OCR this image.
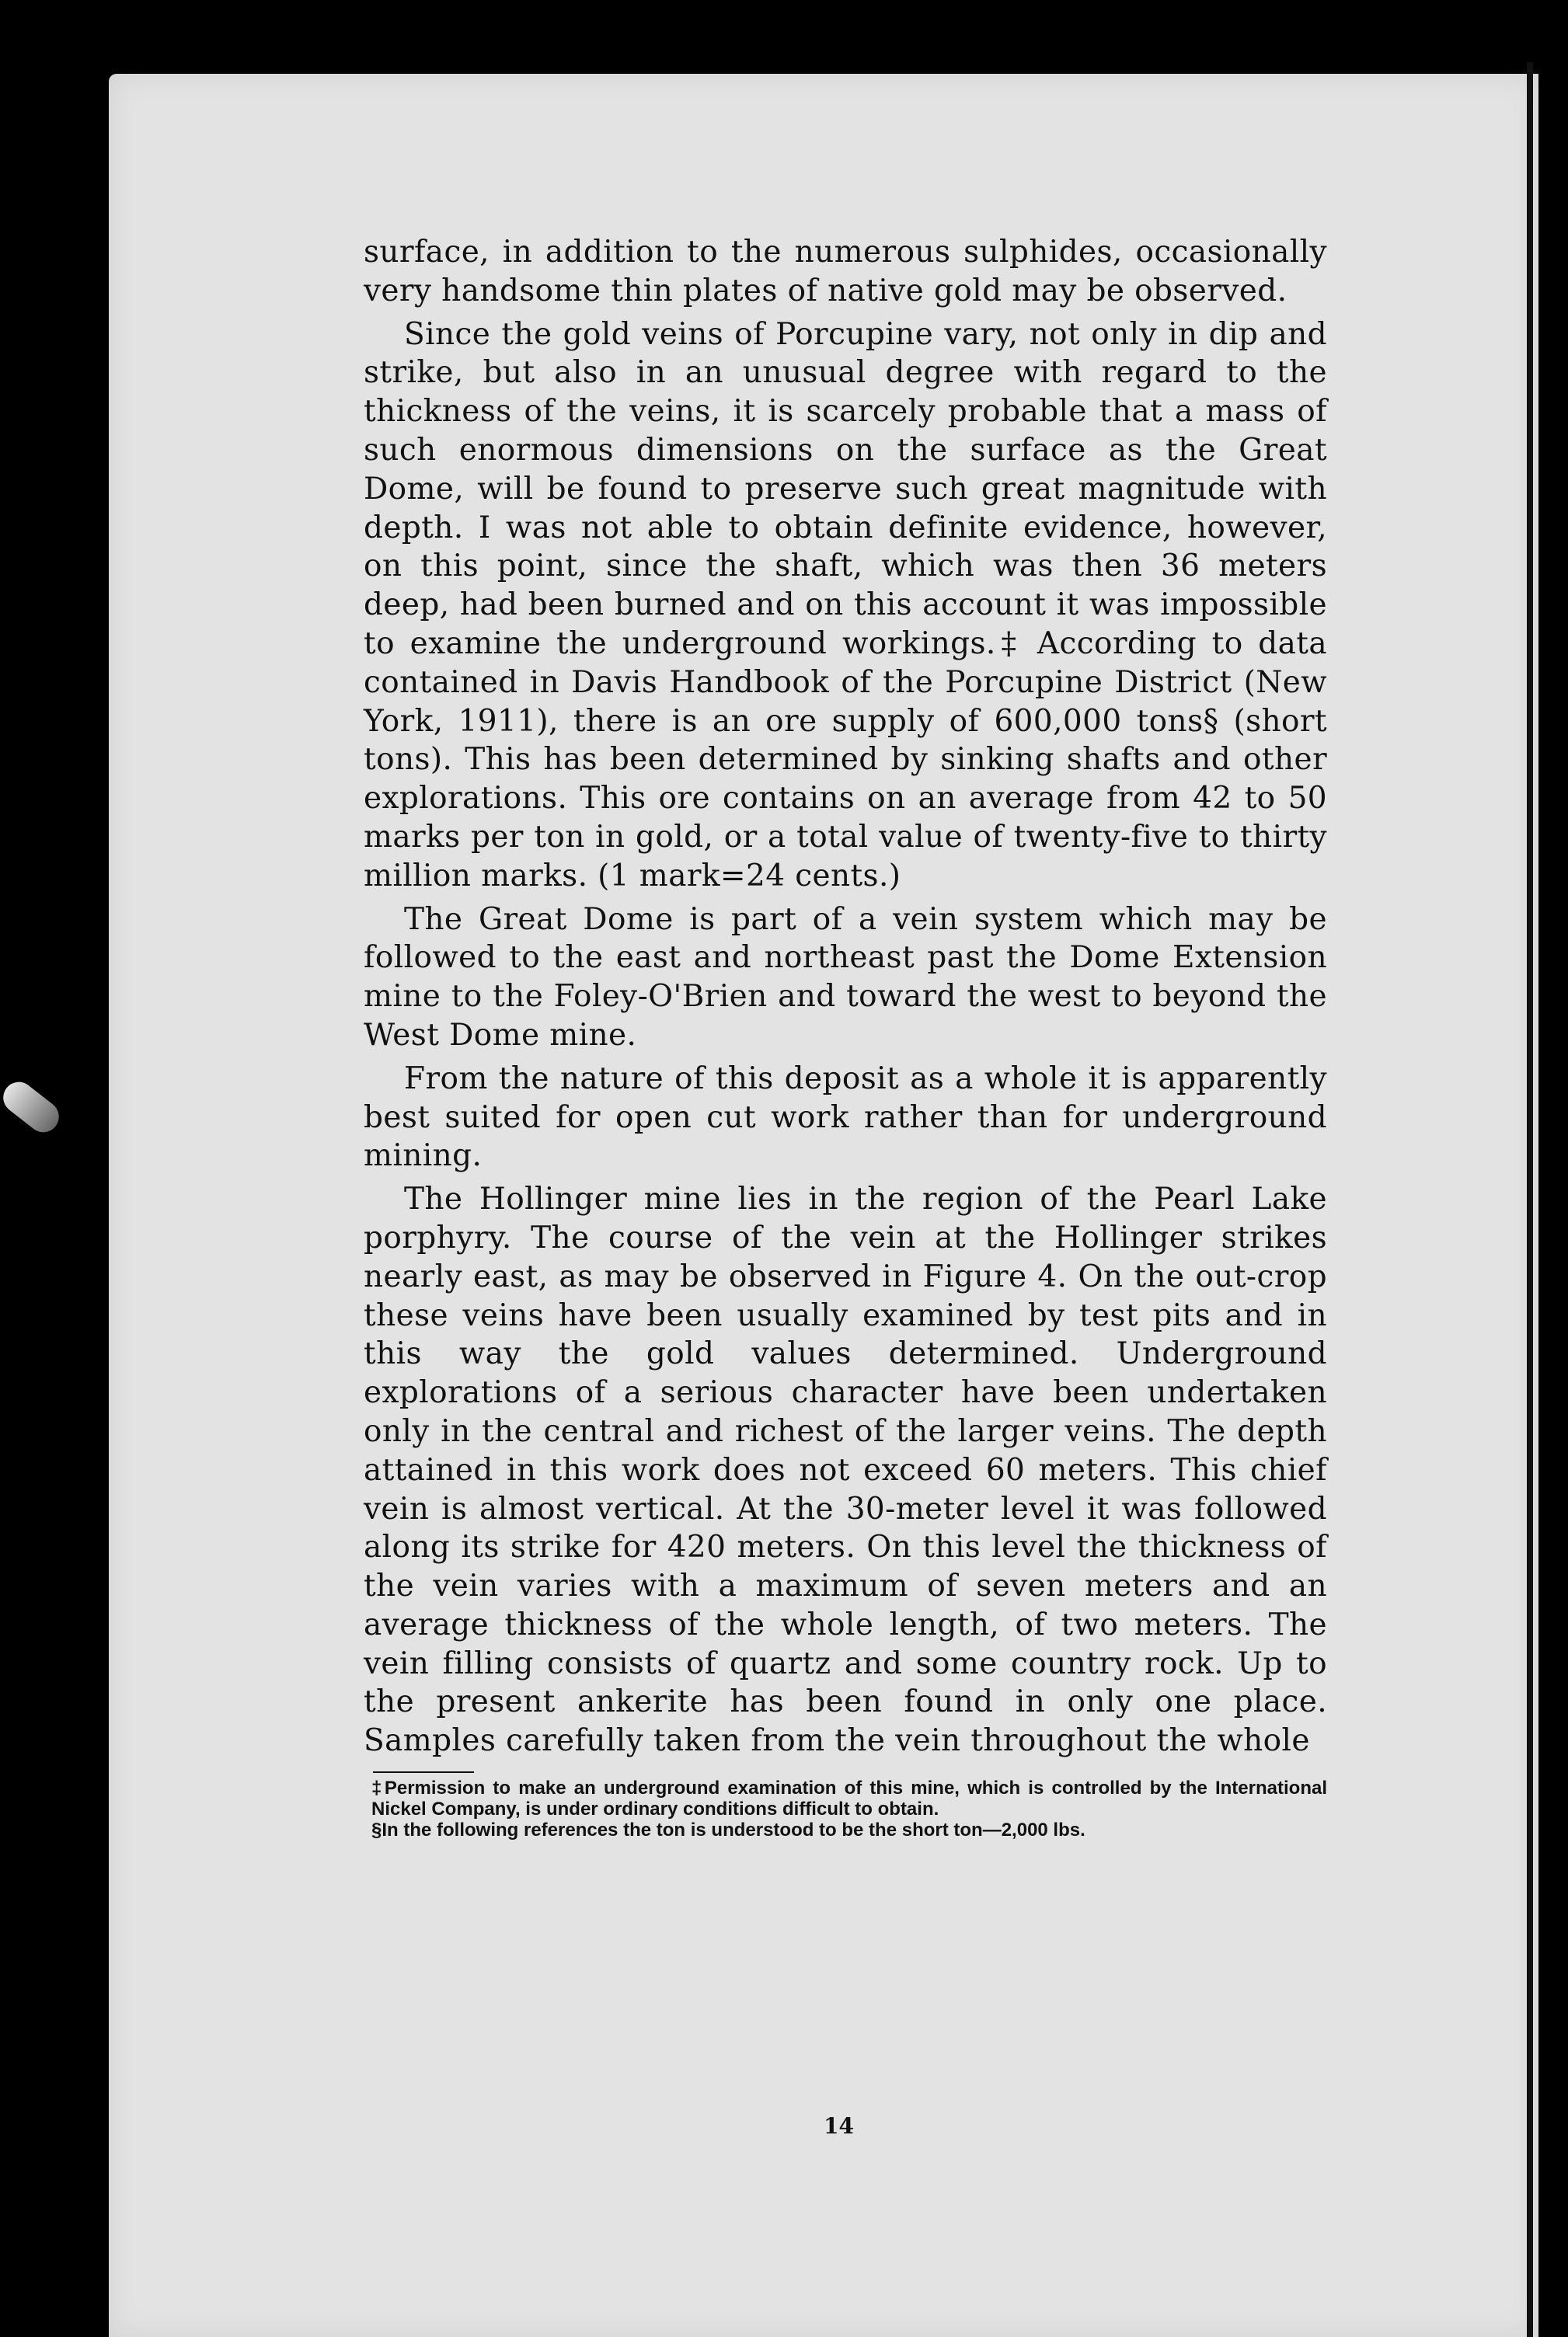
surface, in addition to the numerous sulphides, occasionally very handsome thin plates of native gold may be observed.

Since the gold veins of Porcupine vary, not only in dip and strike, but also in an unusual degree with regard to the thickness of the veins, it is scarcely probable that a mass of such enormous dimensions on the surface as the Great Dome, will be found to preserve such great magnitude with depth. I was not able to obtain definite evidence, however, on this point, since the shaft, which was then 36 meters deep, had been burned and on this account it was impossible to examine the underground workings.‡ According to data contained in Davis Handbook of the Porcupine District (New York, 1911), there is an ore supply of 600,000 tons§ (short tons). This has been determined by sinking shafts and other explorations. This ore contains on an average from 42 to 50 marks per ton in gold, or a total value of twenty-five to thirty million marks. (1 mark=24 cents.)

The Great Dome is part of a vein system which may be followed to the east and northeast past the Dome Extension mine to the Foley-O'Brien and toward the west to beyond the West Dome mine.

From the nature of this deposit as a whole it is apparently best suited for open cut work rather than for underground mining.

The Hollinger mine lies in the region of the Pearl Lake porphyry. The course of the vein at the Hollinger strikes nearly east, as may be observed in Figure 4. On the out-crop these veins have been usually examined by test pits and in this way the gold values determined. Underground explorations of a serious character have been undertaken only in the central and richest of the larger veins. The depth attained in this work does not exceed 60 meters. This chief vein is almost vertical. At the 30-meter level it was followed along its strike for 420 meters. On this level the thickness of the vein varies with a maximum of seven meters and an average thickness of the whole length, of two meters. The vein filling consists of quartz and some country rock. Up to the present ankerite has been found in only one place. Samples carefully taken from the vein throughout the whole

‡Permission to make an underground examination of this mine, which is controlled by the International Nickel Company, is under ordinary conditions difficult to obtain.

§In the following references the ton is understood to be the short ton—2,000 lbs.

14
